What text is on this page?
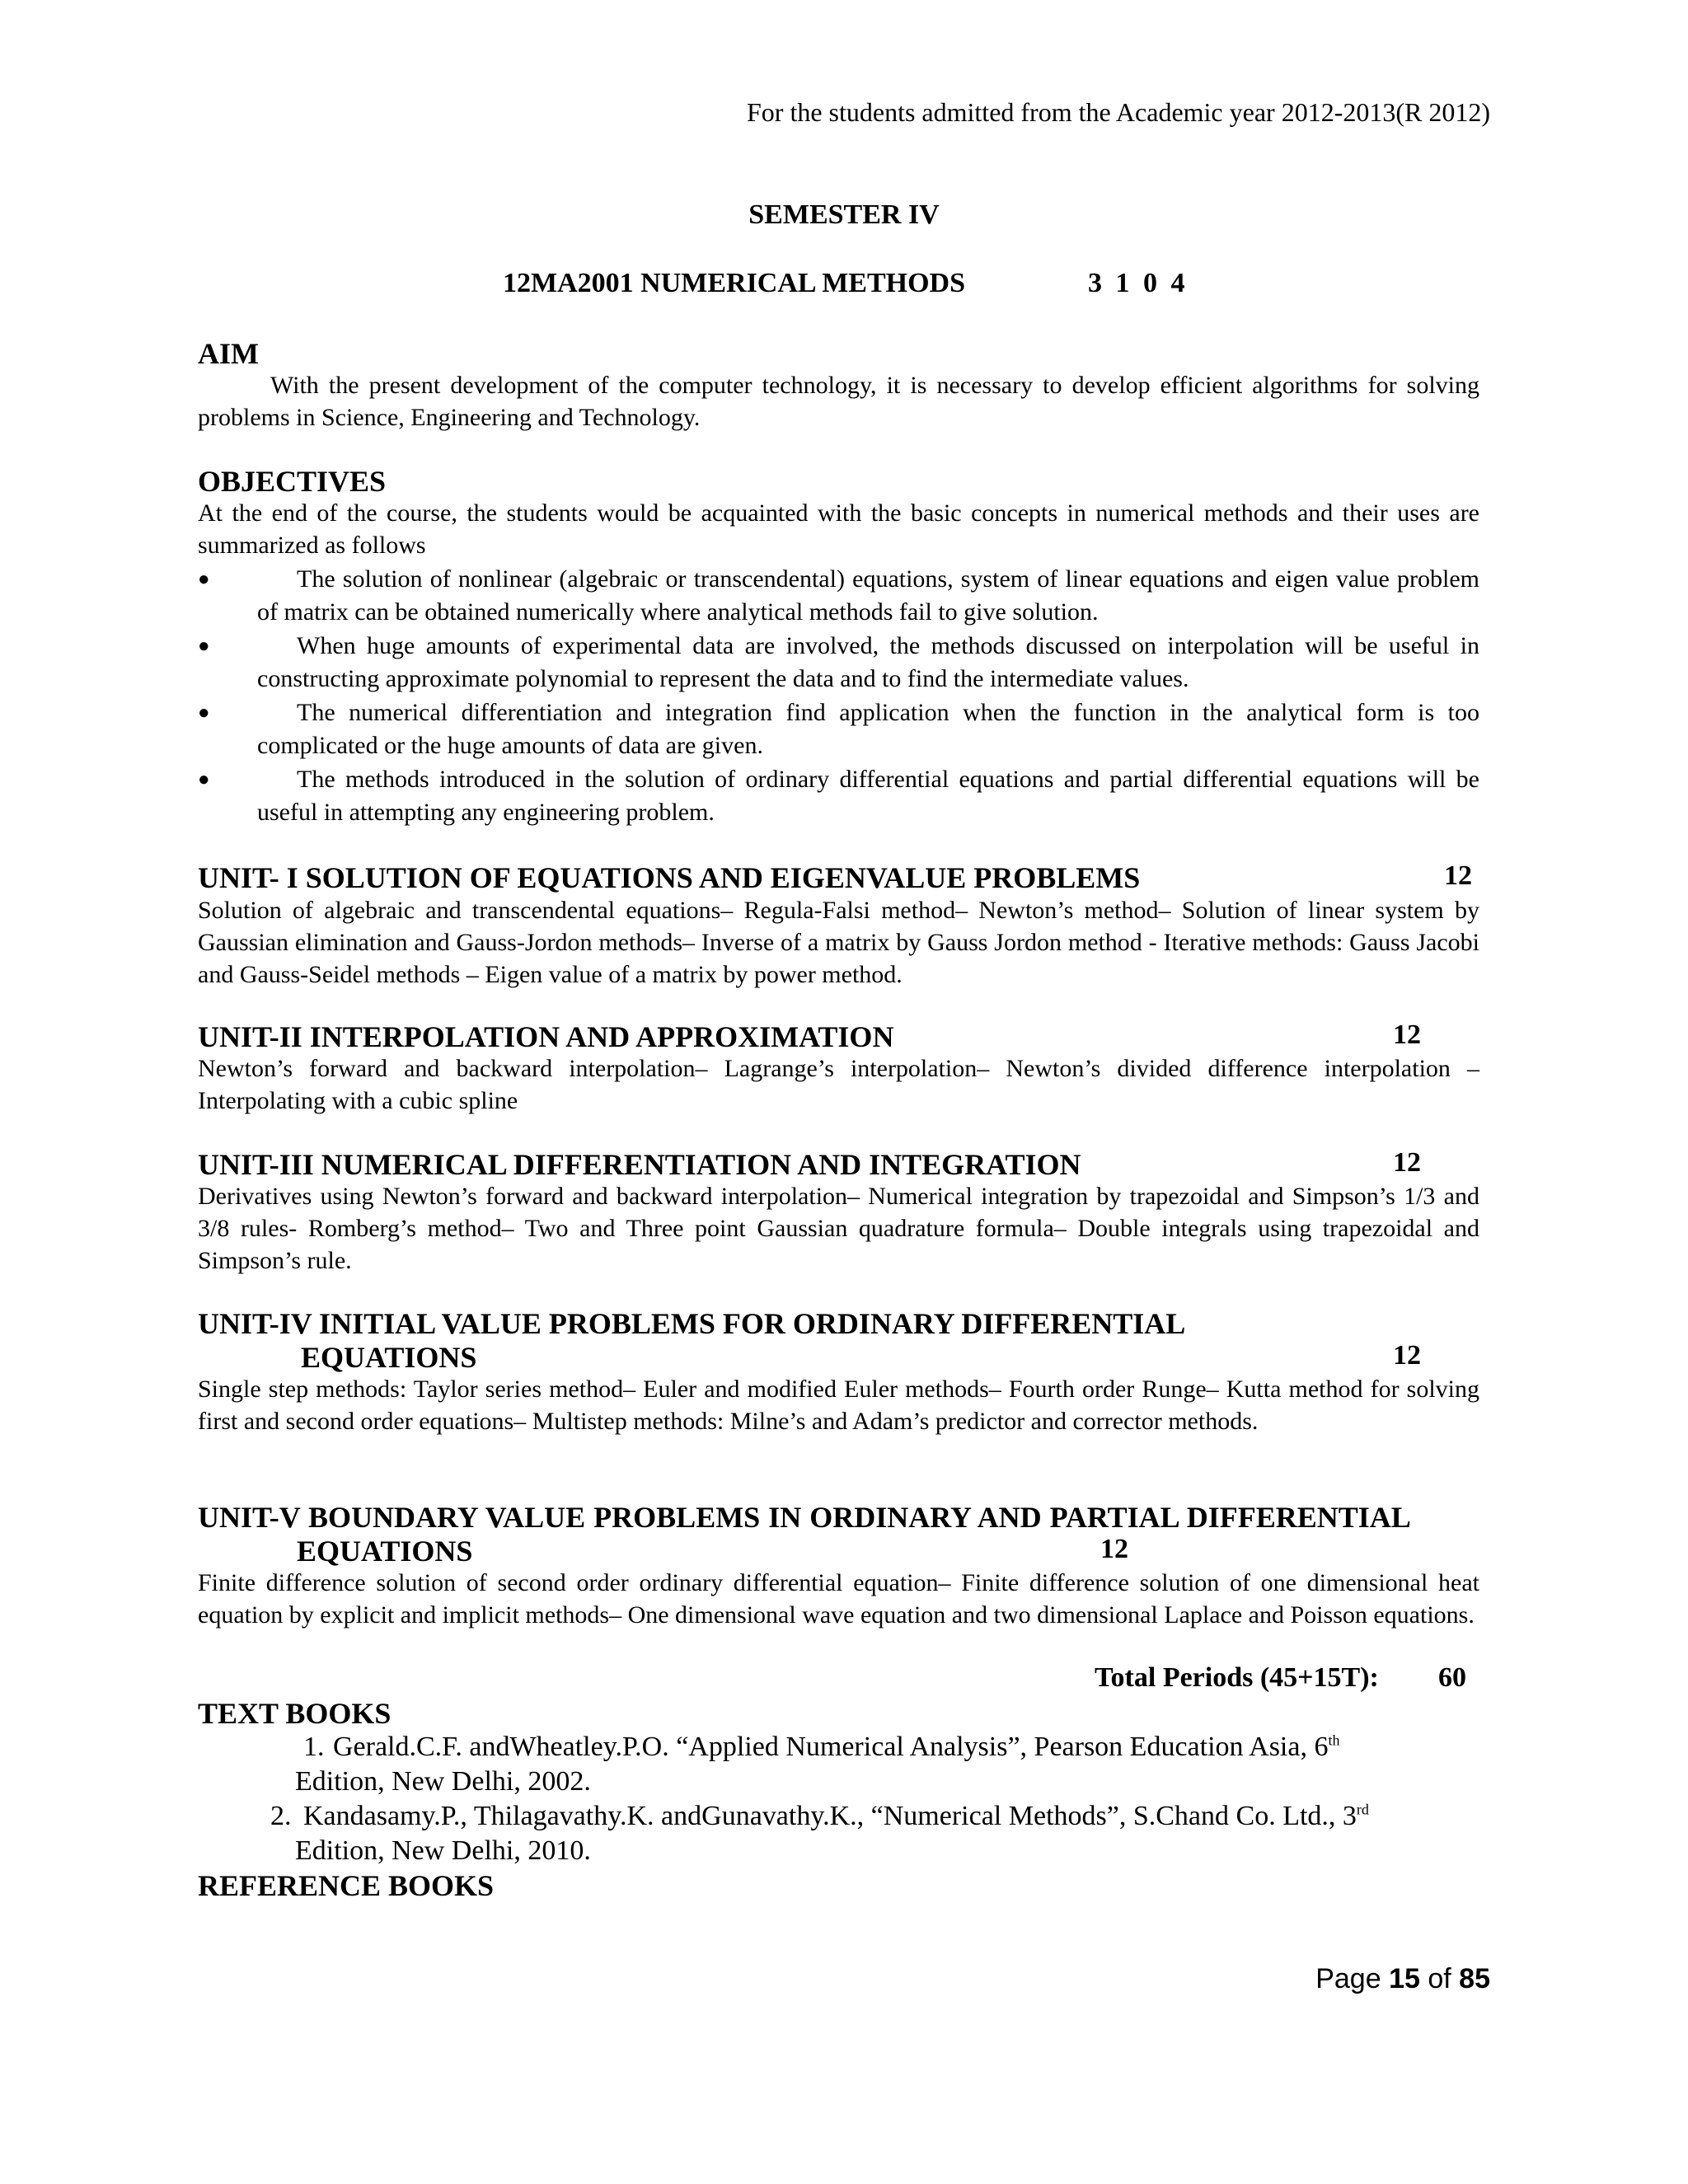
For the students admitted from the Academic year 2012-2013(R 2012)
SEMESTER IV
12MA2001 NUMERICAL METHODS	3 1 0 4
AIM
With the present development of the computer technology, it is necessary to develop efficient algorithms for solving problems in Science, Engineering and Technology.
OBJECTIVES
At the end of the course, the students would be acquainted with the basic concepts in numerical methods and their uses are summarized as follows
●	The solution of nonlinear (algebraic or transcendental) equations, system of linear equations and eigen value problem of matrix can be obtained numerically where analytical methods fail to give solution.
●	When huge amounts of experimental data are involved, the methods discussed on interpolation will be useful in constructing approximate polynomial to represent the data and to find the intermediate values.
●	The numerical differentiation and integration find application when the function in the analytical form is too complicated or the huge amounts of data are given.
●	The methods introduced in the solution of ordinary differential equations and partial differential equations will be useful in attempting any engineering problem.
UNIT- I SOLUTION OF EQUATIONS AND EIGENVALUE PROBLEMS	12
Solution of algebraic and transcendental equations– Regula-Falsi method– Newton’s method– Solution of linear system by Gaussian elimination and Gauss-Jordon methods– Inverse of a matrix by Gauss Jordon method - Iterative methods: Gauss Jacobi and Gauss-Seidel methods – Eigen value of a matrix by power method.
UNIT-II INTERPOLATION AND APPROXIMATION	12
Newton’s forward and backward interpolation– Lagrange’s interpolation– Newton’s divided difference interpolation – Interpolating with a cubic spline
UNIT-III NUMERICAL DIFFERENTIATION AND INTEGRATION	12
Derivatives using Newton’s forward and backward interpolation– Numerical integration by trapezoidal and Simpson’s 1/3 and 3/8 rules- Romberg’s method– Two and Three point Gaussian quadrature formula– Double integrals using trapezoidal and Simpson’s rule.
UNIT-IV INITIAL VALUE PROBLEMS FOR ORDINARY DIFFERENTIAL
EQUATIONS	12
Single step methods: Taylor series method– Euler and modified Euler methods– Fourth order Runge– Kutta method for solving first and second order equations– Multistep methods: Milne’s and Adam’s predictor and corrector methods.
UNIT-V BOUNDARY VALUE PROBLEMS IN ORDINARY AND PARTIAL DIFFERENTIAL
EQUATIONS	12
Finite difference solution of second order ordinary differential equation– Finite difference solution of one dimensional heat equation by explicit and implicit methods– One dimensional wave equation and two dimensional Laplace and Poisson equations.
Total Periods (45+15T): 60
TEXT BOOKS
1. Gerald.C.F. andWheatley.P.O. “Applied Numerical Analysis”, Pearson Education Asia, 6th
Edition, New Delhi, 2002.
2. Kandasamy.P., Thilagavathy.K. andGunavathy.K., “Numerical Methods”, S.Chand Co. Ltd., 3rd
Edition, New Delhi, 2010.
REFERENCE BOOKS
Page 15 of 85
